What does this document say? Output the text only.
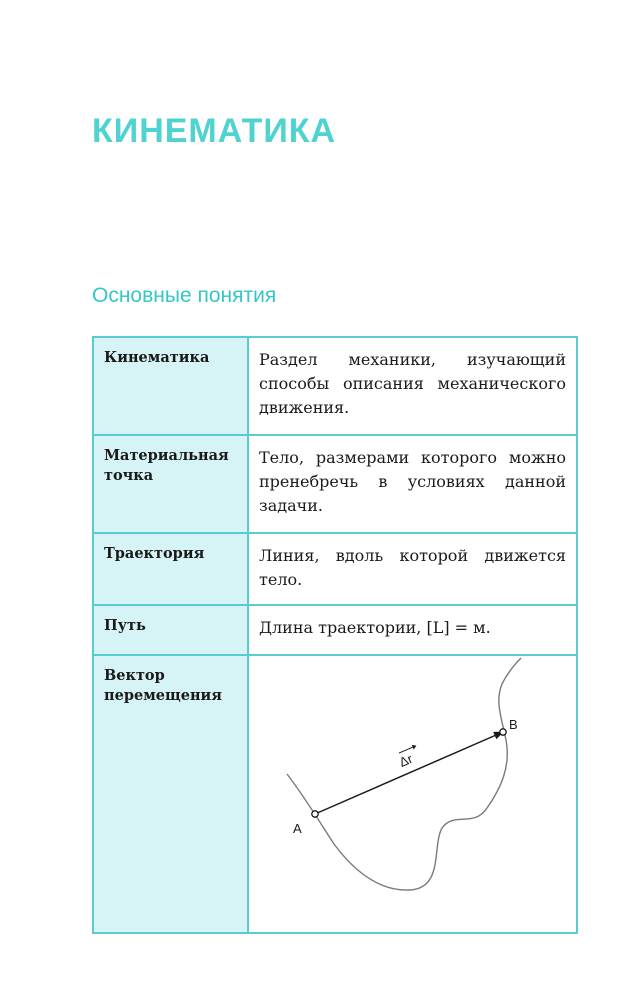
КИНЕМАТИКА
Основные понятия
Кинематика	Раздел механики, изучающий способы описания механического движения.
Материальная точка	Тело, размерами которого можно пренебречь в условиях данной задачи.
Траектория	Линия, вдоль которой движется тело.
Путь	Длина траектории, [L] = м.
Вектор перемещения	A
B
Δr
